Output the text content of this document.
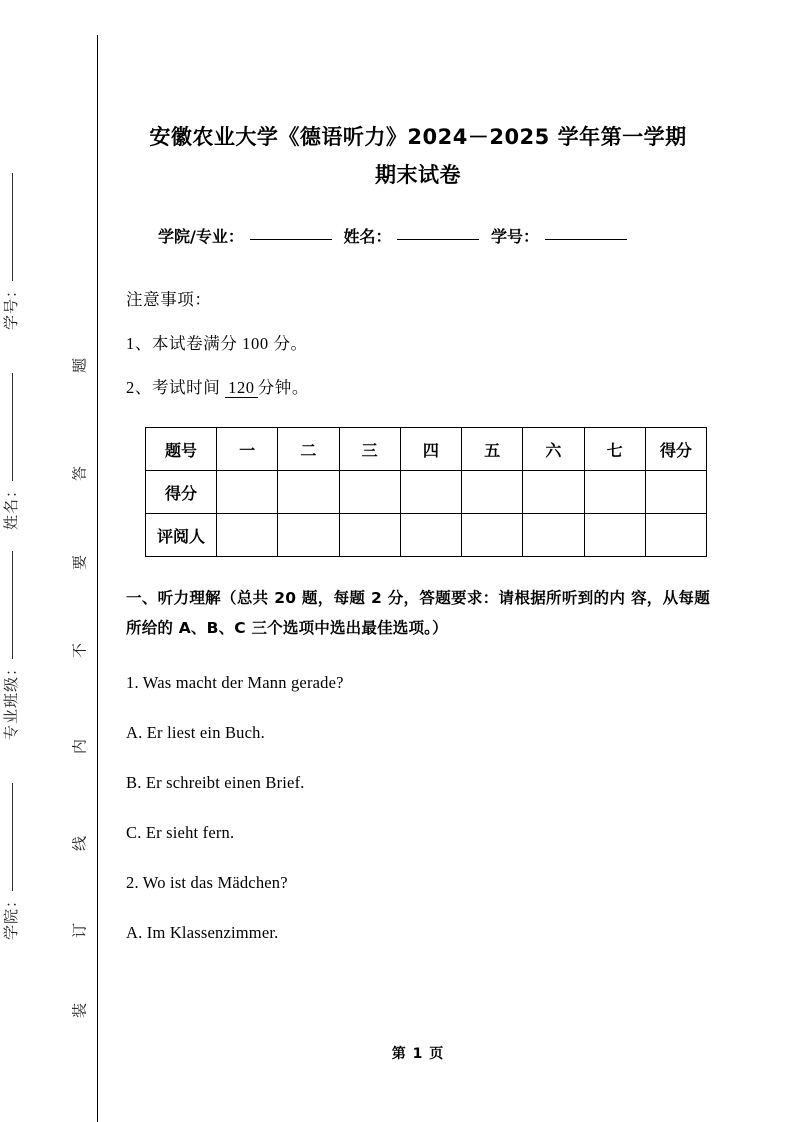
学号：
姓名：
专业班级：
学院：
题
答
要
不
内
线
订
装
安徽农业大学《德语听力》2024－2025 学年第一学期
期末试卷
学院/专业：	姓名：	学号：

注意事项：

1、本试卷满分 100 分。

2、考试时间 120 分钟。

题号	一	二	三	四	五	六	七	得分
得分								
评阅人								

一、听力理解（总共 20 题，每题 2 分，答题要求：请根据所听到的内 容，从每题所给的 A、B、C 三个选项中选出最佳选项。）

1. Was macht der Mann gerade?

A. Er liest ein Buch.

B. Er schreibt einen Brief.

C. Er sieht fern.

2. Wo ist das Mädchen?

A. Im Klassenzimmer.

第 1 页
